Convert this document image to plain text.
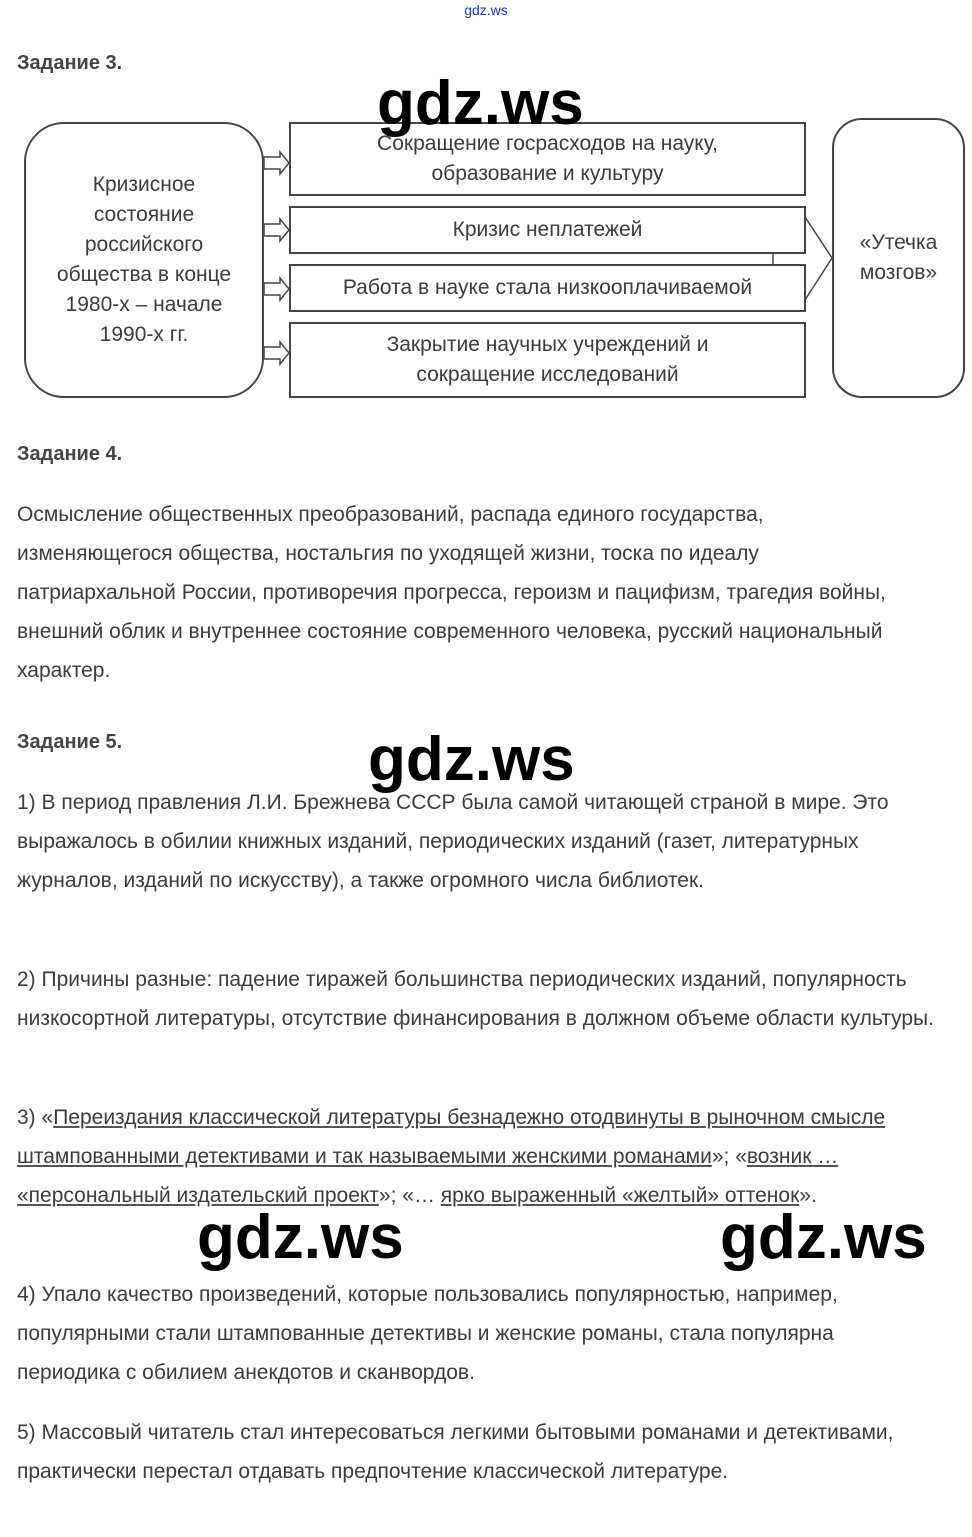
gdz.ws
Задание 3.
Кризисное состояние российского общества в конце 1980-х – начале 1990-х гг.
Сокращение госрасходов на науку, образование и культуру
Кризис неплатежей
Работа в науке стала низкооплачиваемой
Закрытие научных учреждений и сокращение исследований
«Утечка мозгов»
Задание 4.
Осмысление общественных преобразований, распада единого государства, изменяющегося общества, ностальгия по уходящей жизни, тоска по идеалу патриархальной России, противоречия прогресса, героизм и пацифизм, трагедия войны, внешний облик и внутреннее состояние современного человека, русский национальный характер.
Задание 5.
1) В период правления Л.И. Брежнева СССР была самой читающей страной в мире. Это выражалось в обилии книжных изданий, периодических изданий (газет, литературных журналов, изданий по искусству), а также огромного числа библиотек.
2) Причины разные: падение тиражей большинства периодических изданий, популярность низкосортной литературы, отсутствие финансирования в должном объеме области культуры.
3) «Переиздания классической литературы безнадежно отодвинуты в рыночном смысле штампованными детективами и так называемыми женскими романами»; «возник … «персональный издательский проект»; «… ярко выраженный «желтый» оттенок».
4) Упало качество произведений, которые пользовались популярностью, например, популярными стали штампованные детективы и женские романы, стала популярна периодика с обилием анекдотов и сканвордов.
5) Массовый читатель стал интересоваться легкими бытовыми романами и детективами, практически перестал отдавать предпочтение классической литературе.
gdz.ws
gdz.ws
gdz.ws	gdz.ws
